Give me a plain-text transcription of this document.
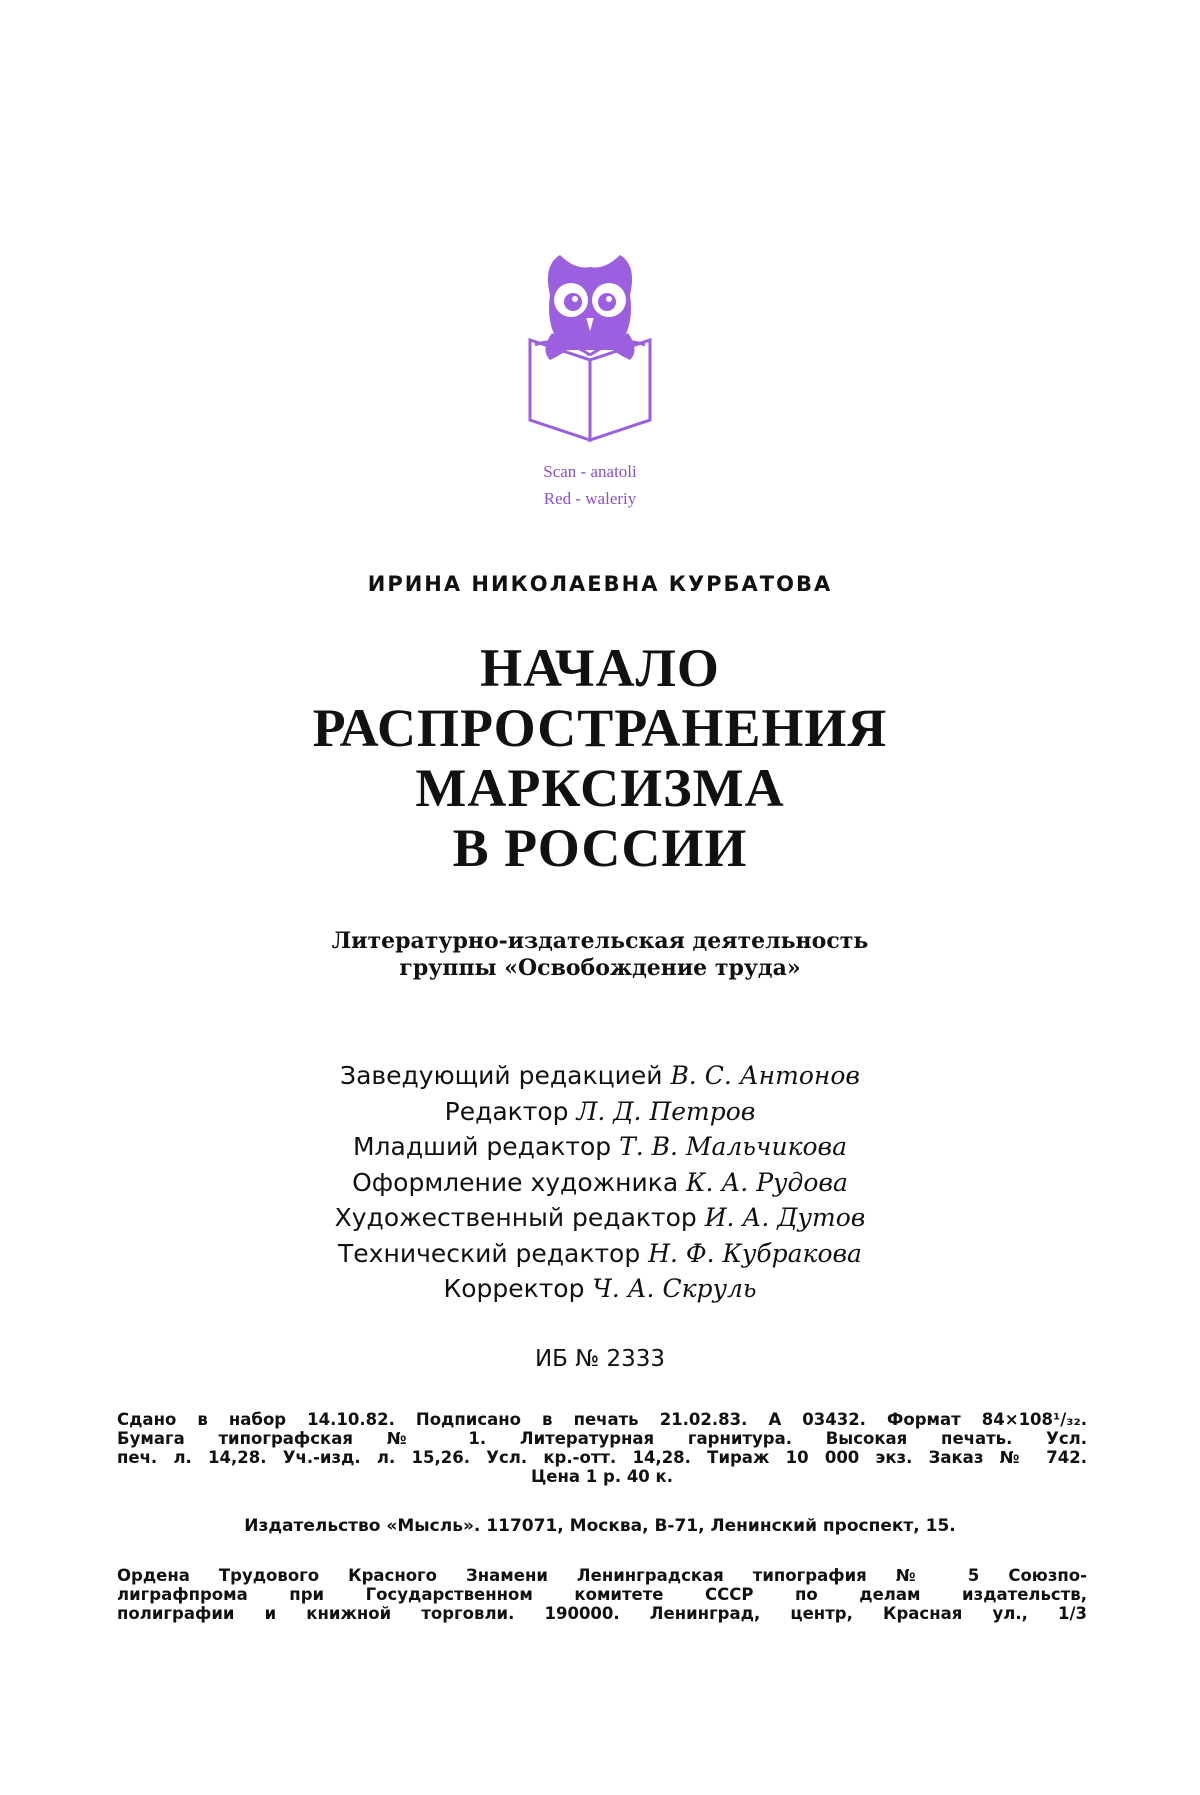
Scan - anatoli
Red - waleriy
ИРИНА НИКОЛАЕВНА КУРБАТОВА
НАЧАЛО
РАСПРОСТРАНЕНИЯ
МАРКСИЗМА
В РОССИИ
Литературно-издательская деятельность
группы «Освобождение труда»
Заведующий редакцией В. С. Антонов
Редактор Л. Д. Петров
Младший редактор Т. В. Мальчикова
Оформление художника К. А. Рудова
Художественный редактор И. А. Дутов
Технический редактор Н. Ф. Кубракова
Корректор Ч. А. Скруль
ИБ № 2333
Сдано в набор 14.10.82. Подписано в печать 21.02.83. А 03432. Формат 84×108¹/₃₂.
Бумага типографская № 1. Литературная гарнитура. Высокая печать. Усл.
печ. л. 14,28. Уч.-изд. л. 15,26. Усл. кр.-отт. 14,28. Тираж 10 000 экз. Заказ № 742.
Цена 1 р. 40 к.
Издательство «Мысль». 117071, Москва, В-71, Ленинский проспект, 15.
Ордена Трудового Красного Знамени Ленинградская типография № 5 Союзпо-
лиграфпрома при Государственном комитете СССР по делам издательств,
полиграфии и книжной торговли. 190000. Ленинград, центр, Красная ул., 1/3
